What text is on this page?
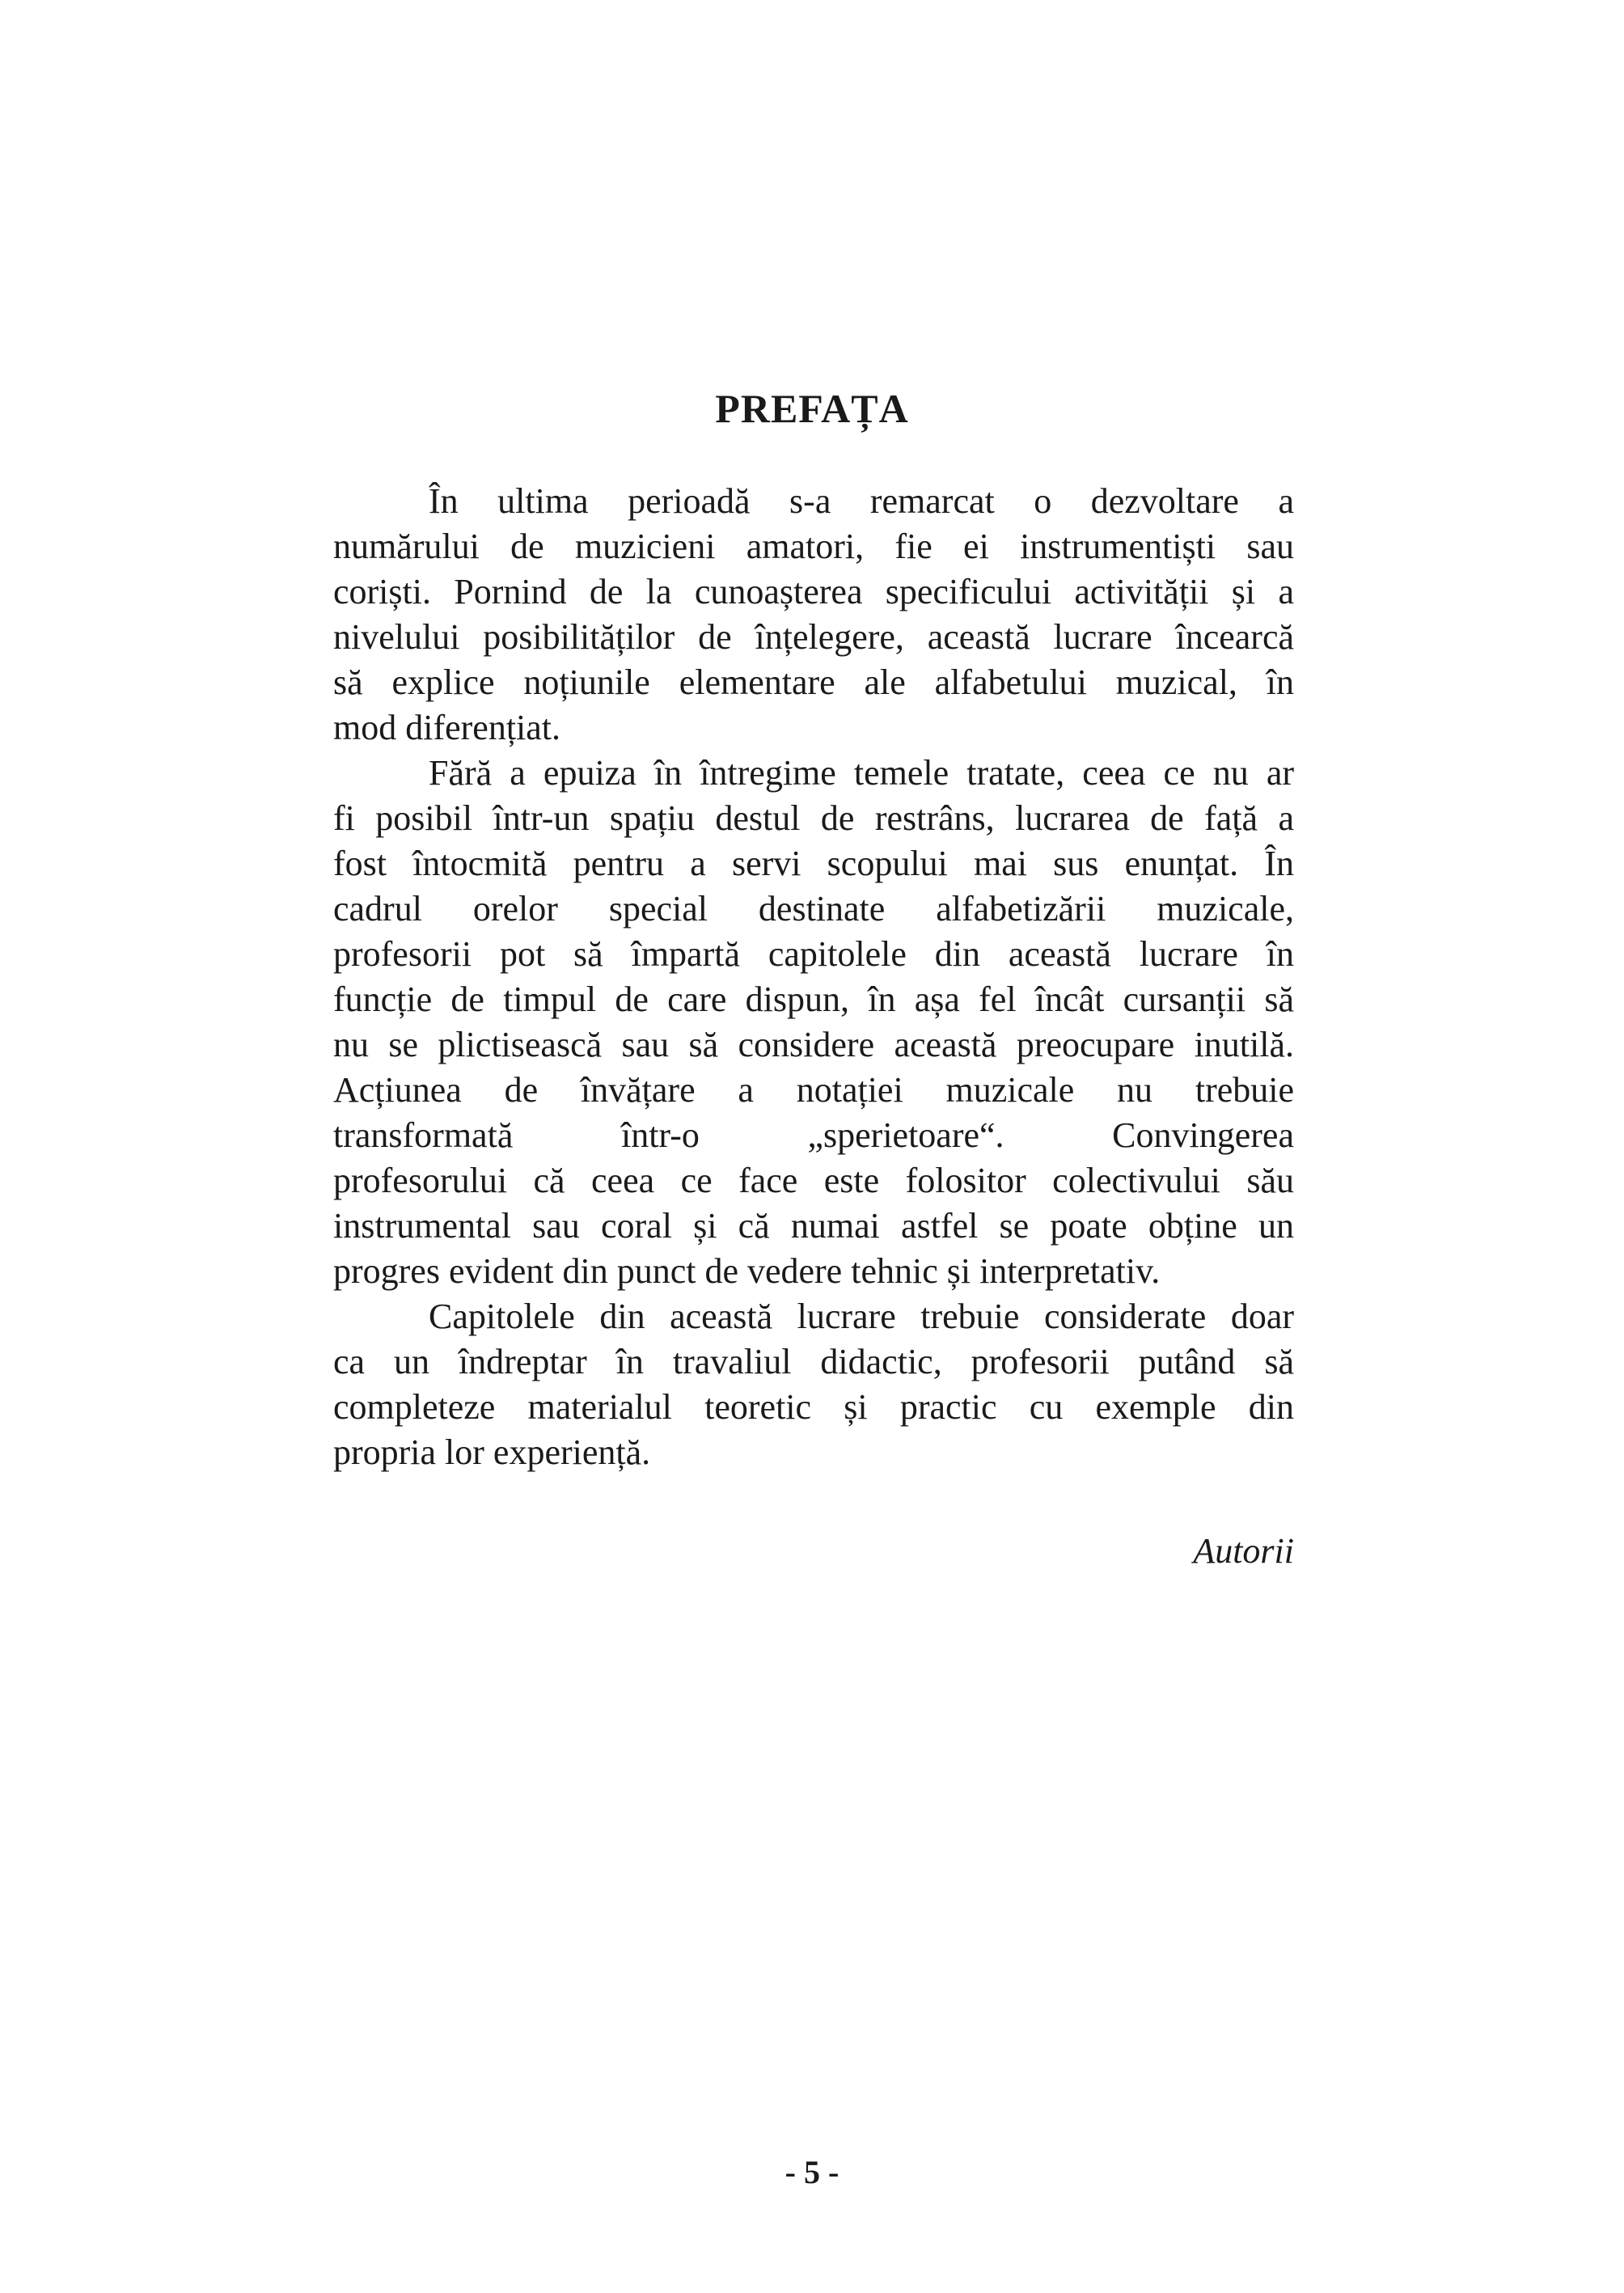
PREFAȚA
În ultima perioadă s-a remarcat o dezvoltare a
numărului de muzicieni amatori, fie ei instrumentiști sau
coriști. Pornind de la cunoașterea specificului activității și a
nivelului posibilităților de înțelegere, această lucrare încearcă
să explice noțiunile elementare ale alfabetului muzical, în
mod diferențiat.
Fără a epuiza în întregime temele tratate, ceea ce nu ar
fi posibil într-un spațiu destul de restrâns, lucrarea de față a
fost întocmită pentru a servi scopului mai sus enunțat. În
cadrul orelor special destinate alfabetizării muzicale,
profesorii pot să împartă capitolele din această lucrare în
funcție de timpul de care dispun, în așa fel încât cursanții să
nu se plictisească sau să considere această preocupare inutilă.
Acțiunea de învățare a notației muzicale nu trebuie
transformată într-o „sperietoare“. Convingerea
profesorului că ceea ce face este folositor colectivului său
instrumental sau coral și că numai astfel se poate obține un
progres evident din punct de vedere tehnic și interpretativ.
Capitolele din această lucrare trebuie considerate doar
ca un îndreptar în travaliul didactic, profesorii putând să
completeze materialul teoretic și practic cu exemple din
propria lor experiență.
Autorii
- 5 -
